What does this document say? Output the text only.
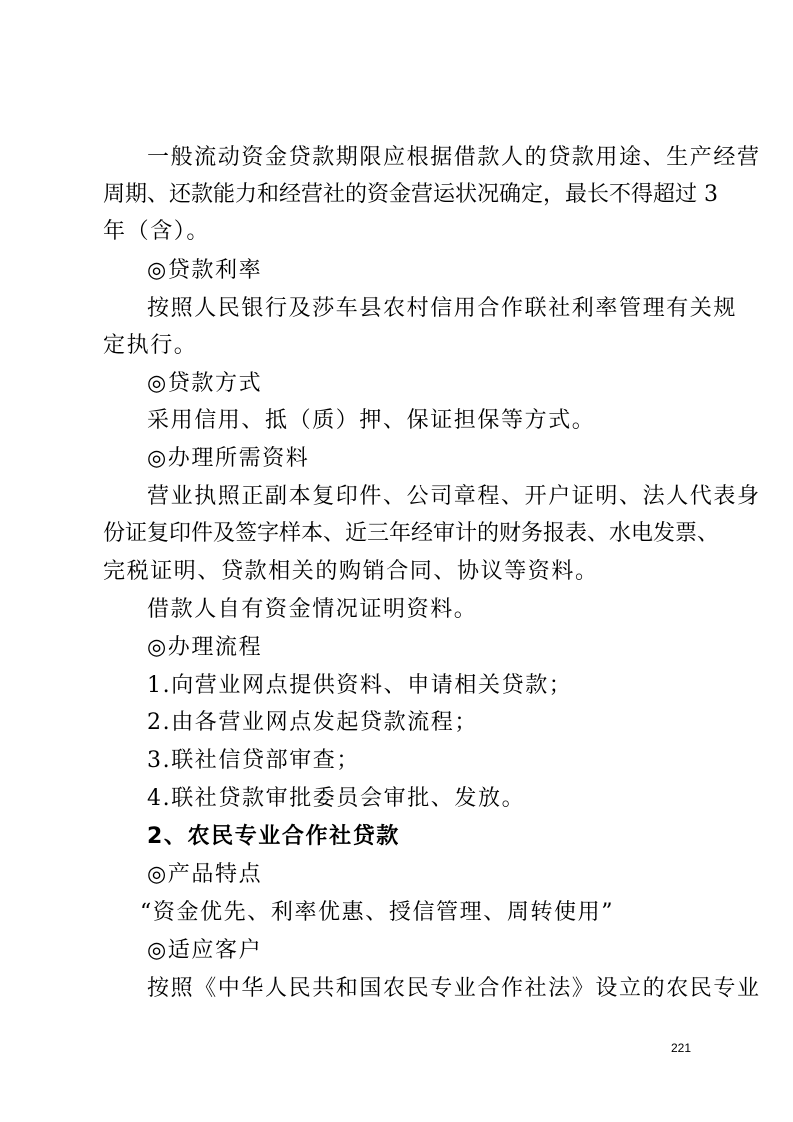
一般流动资金贷款期限应根据借款人的贷款用途、生产经营
周期、还款能力和经营社的资金营运状况确定，最长不得超过 3
年（含）。
◎贷款利率
按照人民银行及莎车县农村信用合作联社利率管理有关规
定执行。
◎贷款方式
采用信用、抵（质）押、保证担保等方式。
◎办理所需资料
营业执照正副本复印件、公司章程、开户证明、法人代表身
份证复印件及签字样本、近三年经审计的财务报表、水电发票、
完税证明、贷款相关的购销合同、协议等资料。
借款人自有资金情况证明资料。
◎办理流程
1.向营业网点提供资料、申请相关贷款；
2.由各营业网点发起贷款流程；
3.联社信贷部审查；
4.联社贷款审批委员会审批、发放。
2、农民专业合作社贷款
◎产品特点
“资金优先、利率优惠、授信管理、周转使用”
◎适应客户
按照《中华人民共和国农民专业合作社法》设立的农民专业
221
